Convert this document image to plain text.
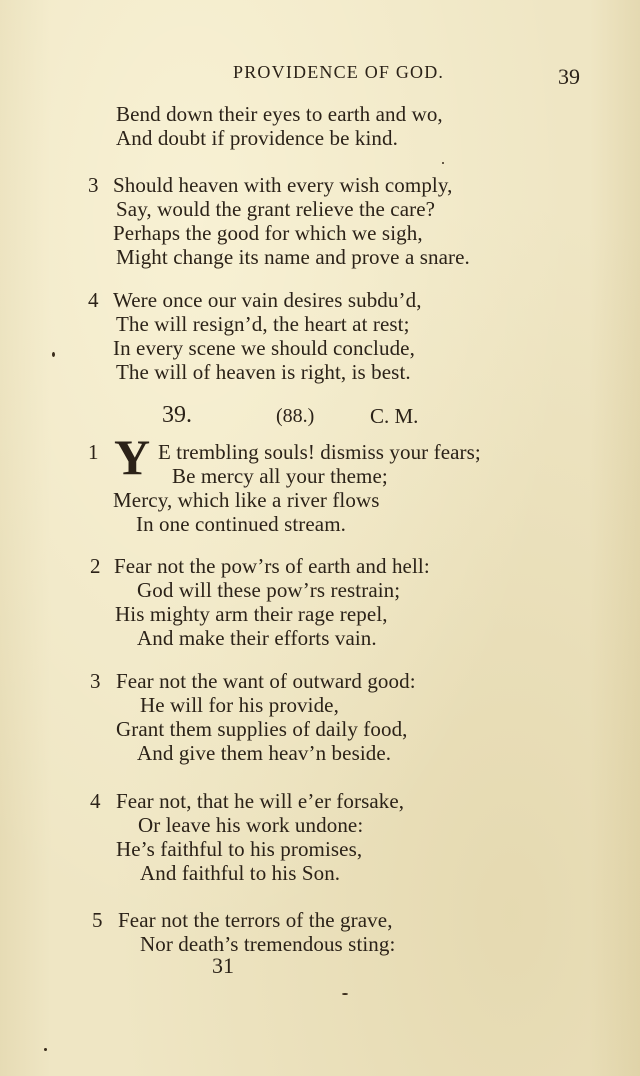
PROVIDENCE OF GOD.	39
Bend down their eyes to earth and wo,
And doubt if providence be kind.
3 Should heaven with every wish comply,
Say, would the grant relieve the care?
Perhaps the good for which we sigh,
Might change its name and prove a snare.
4 Were once our vain desires subdu’d,
The will resign’d, the heart at rest;
In every scene we should conclude,
The will of heaven is right, is best.
39.	(88.)	C. M.
1 Y E trembling souls! dismiss your fears;
Be mercy all your theme;
Mercy, which like a river flows
In one continued stream.
2 Fear not the pow’rs of earth and hell:
God will these pow’rs restrain;
His mighty arm their rage repel,
And make their efforts vain.
3 Fear not the want of outward good:
He will for his provide,
Grant them supplies of daily food,
And give them heav’n beside.
4 Fear not, that he will e’er forsake,
Or leave his work undone:
He’s faithful to his promises,
And faithful to his Son.
5 Fear not the terrors of the grave,
Nor death’s tremendous sting:
31
